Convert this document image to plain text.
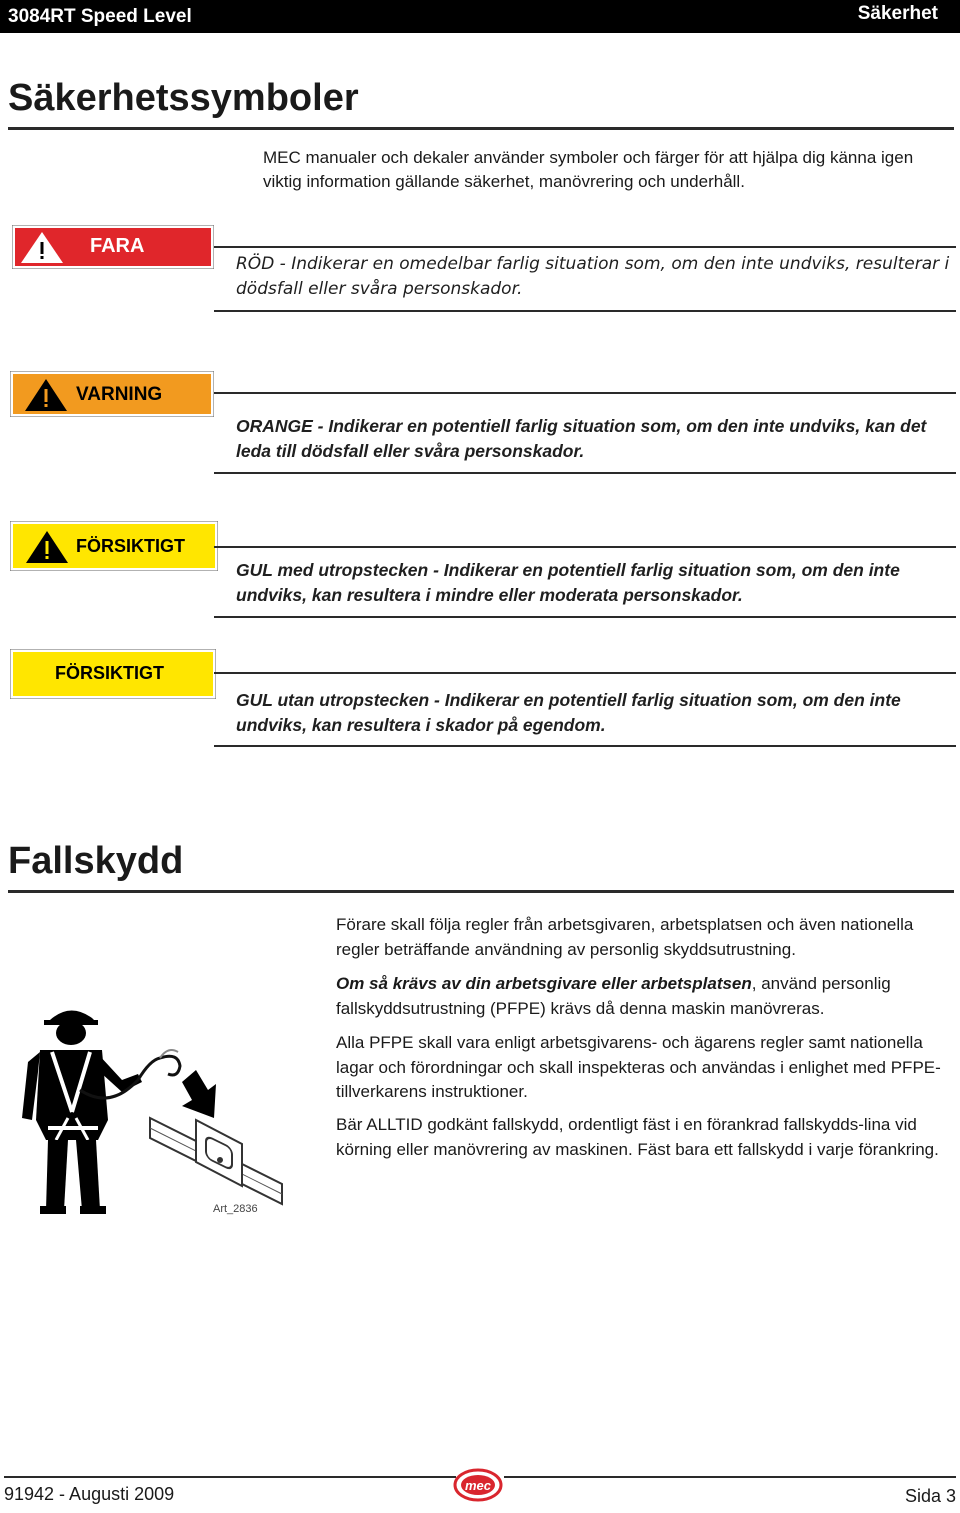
3084RT Speed Level	Säkerhet
Säkerhetssymboler
MEC manualer och dekaler använder symboler och färger för att hjälpa dig känna igen viktig information gällande säkerhet, manövrering och underhåll.
FARA
RÖD - Indikerar en omedelbar farlig situation som, om den inte undviks, resulterar i dödsfall eller svåra personskador.
VARNING
ORANGE - Indikerar en potentiell farlig situation som, om den inte undviks, kan det leda till dödsfall eller svåra personskador.
FÖRSIKTIGT
GUL med utropstecken - Indikerar en potentiell farlig situation som, om den inte undviks, kan resultera i mindre eller moderata personskador.
FÖRSIKTIGT
GUL utan utropstecken - Indikerar en potentiell farlig situation som, om den inte undviks, kan resultera i skador på egendom.
Fallskydd

Förare skall följa regler från arbetsgivaren, arbetsplatsen och även nationella regler beträffande användning av personlig skyddsutrustning.

Om så krävs av din arbetsgivare eller arbetsplatsen, använd personlig fallskyddsutrustning (PFPE) krävs då denna maskin manövreras.

Alla PFPE skall vara enligt arbetsgivarens- och ägarens regler samt nationella lagar och förordningar och skall inspekteras och användas i enlighet med PFPE-tillverkarens instruktioner.

Bär ALLTID godkänt fallskydd, ordentligt fäst i en förankrad fallskydds-lina vid körning eller manövrering av maskinen. Fäst bara ett fallskydd i varje förankring.

Art_2836
91942 - Augusti 2009	mec
Sida 3
